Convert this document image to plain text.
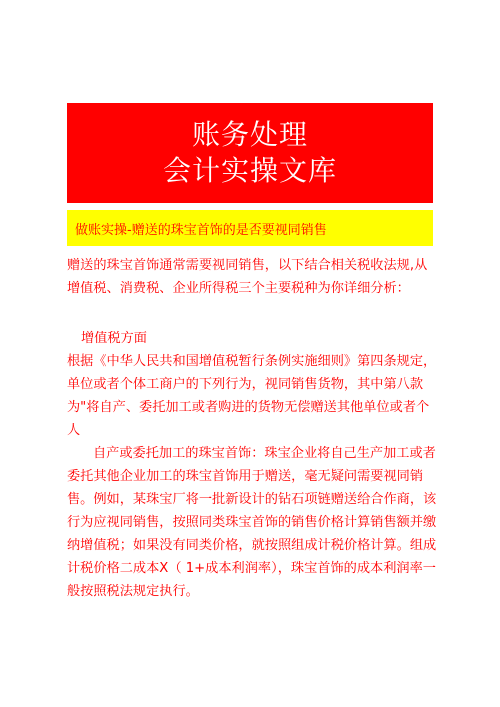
账务处理
会计实操文库
做账实操-赠送的珠宝首饰的是否要视同销售

赠送的珠宝首饰通常需要视同销售，以下结合相关税收法规,从增值税、消费税、企业所得税三个主要税种为你详细分析：

增值税方面

根据《中华人民共和国增值税暂行条例实施细则》第四条规定，单位或者个体工商户的下列行为，视同销售货物，其中第八款为"将自产、委托加工或者购进的货物无偿赠送其他单位或者个人

自产或委托加工的珠宝首饰：珠宝企业将自己生产加工或者委托其他企业加工的珠宝首饰用于赠送，毫无疑问需要视同销售。例如，某珠宝厂将一批新设计的钻石项链赠送给合作商，该行为应视同销售，按照同类珠宝首饰的销售价格计算销售额并缴纳增值税；如果没有同类价格，就按照组成计税价格计算。组成计税价格二成本X（ 1+成本利润率），珠宝首饰的成本利润率一般按照税法规定执行。
